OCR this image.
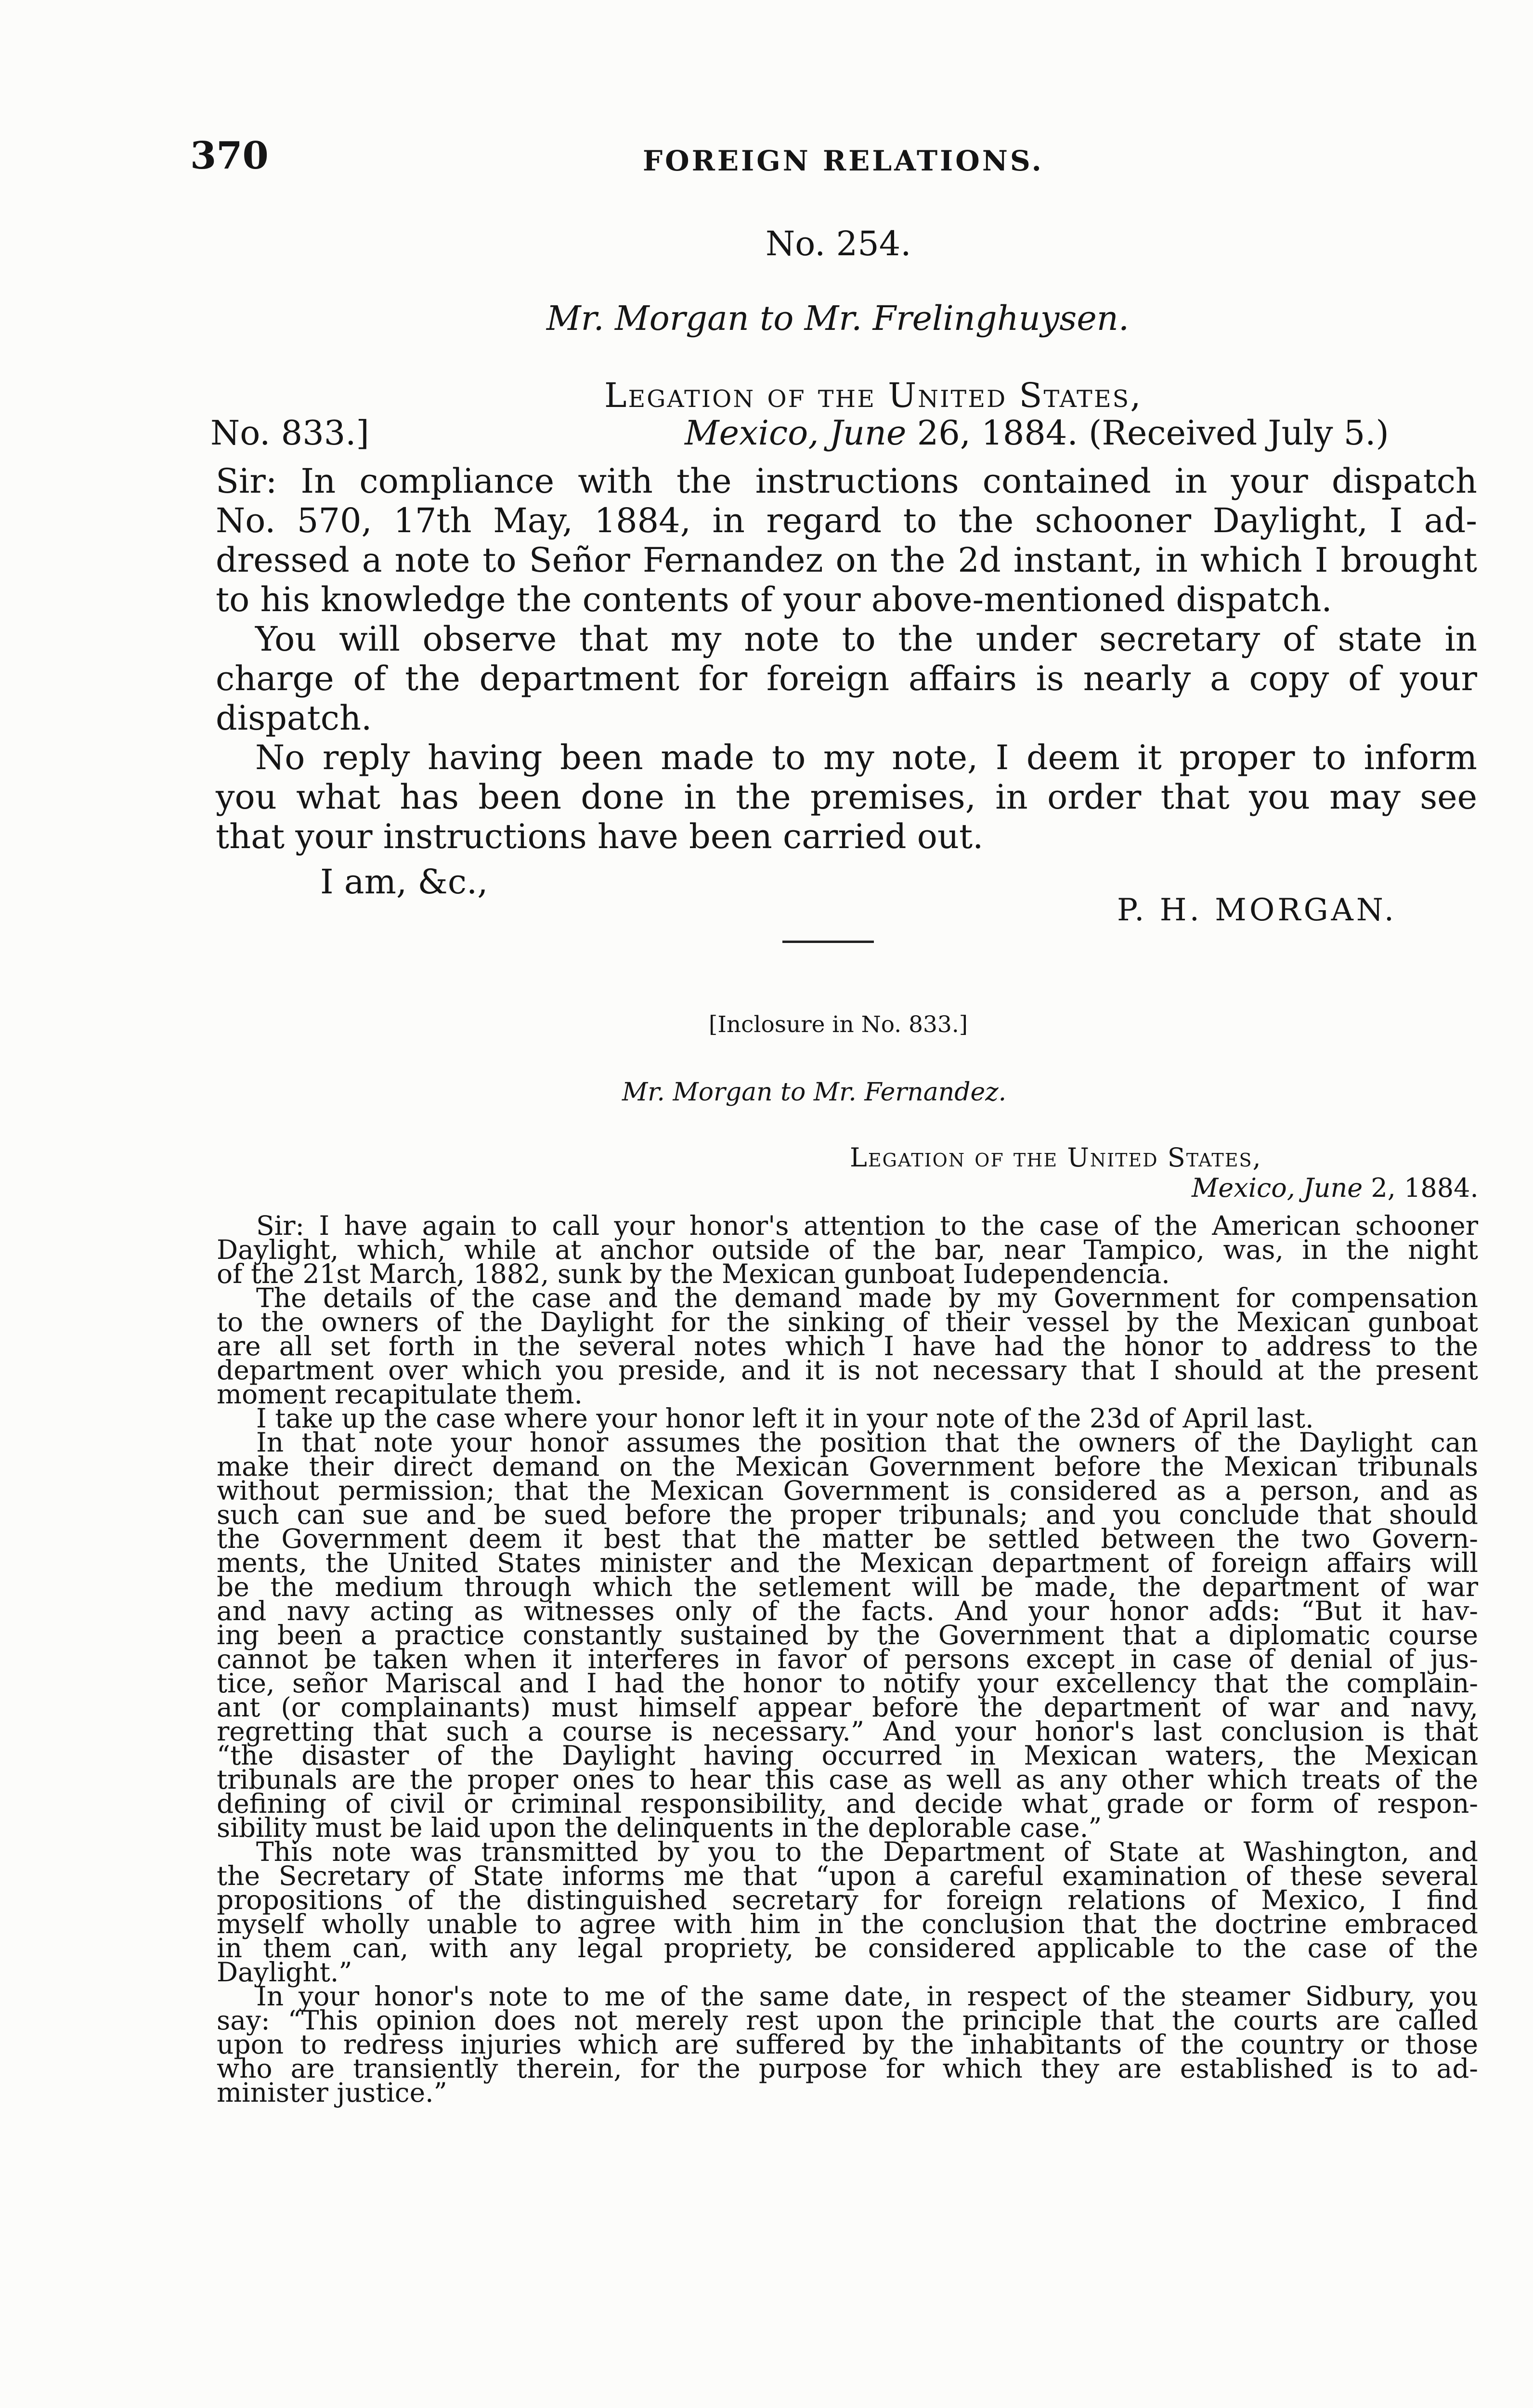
370	FOREIGN RELATIONS.
No. 254.
Mr. Morgan to Mr. Frelinghuysen.
Legation of the United States,
No. 833.]	Mexico, June 26, 1884. (Received July 5.)
Sir: In compliance with the instructions contained in your dispatch
No. 570, 17th May, 1884, in regard to the schooner Daylight, I ad-
dressed a note to Señor Fernandez on the 2d instant, in which I brought
to his knowledge the contents of your above-mentioned dispatch.
You will observe that my note to the under secretary of state in
charge of the department for foreign affairs is nearly a copy of your
dispatch.
No reply having been made to my note, I deem it proper to inform
you what has been done in the premises, in order that you may see
that your instructions have been carried out.
I am, &c.,
P. H. MORGAN.
[Inclosure in No. 833.]
Mr. Morgan to Mr. Fernandez.
Legation of the United States,
Mexico, June 2, 1884.
Sir: I have again to call your honor's attention to the case of the American schooner
Daylight, which, while at anchor outside of the bar, near Tampico, was, in the night
of the 21st March, 1882, sunk by the Mexican gunboat Iudependencia.
The details of the case and the demand made by my Government for compensation
to the owners of the Daylight for the sinking of their vessel by the Mexican gunboat
are all set forth in the several notes which I have had the honor to address to the
department over which you preside, and it is not necessary that I should at the present
moment recapitulate them.
I take up the case where your honor left it in your note of the 23d of April last.
In that note your honor assumes the position that the owners of the Daylight can
make their direct demand on the Mexican Government before the Mexican tribunals
without permission; that the Mexican Government is considered as a person, and as
such can sue and be sued before the proper tribunals; and you conclude that should
the Government deem it best that the matter be settled between the two Govern-
ments, the United States minister and the Mexican department of foreign affairs will
be the medium through which the setlement will be made, the department of war
and navy acting as witnesses only of the facts. And your honor adds: “But it hav-
ing been a practice constantly sustained by the Government that a diplomatic course
cannot be taken when it interferes in favor of persons except in case of denial of jus-
tice, señor Mariscal and I had the honor to notify your excellency that the complain-
ant (or complainants) must himself appear before the department of war and navy,
regretting that such a course is necessary.” And your honor's last conclusion is that
“the disaster of the Daylight having occurred in Mexican waters, the Mexican
tribunals are the proper ones to hear this case as well as any other which treats of the
defining of civil or criminal responsibility, and decide what grade or form of respon-
sibility must be laid upon the delinquents in the deplorable case.”
This note was transmitted by you to the Department of State at Washington, and
the Secretary of State informs me that “upon a careful examination of these several
propositions of the distinguished secretary for foreign relations of Mexico, I find
myself wholly unable to agree with him in the conclusion that the doctrine embraced
in them can, with any legal propriety, be considered applicable to the case of the
Daylight.”
In your honor's note to me of the same date, in respect of the steamer Sidbury, you
say: “This opinion does not merely rest upon the principle that the courts are called
upon to redress injuries which are suffered by the inhabitants of the country or those
who are transiently therein, for the purpose for which they are established is to ad-
minister justice.”
